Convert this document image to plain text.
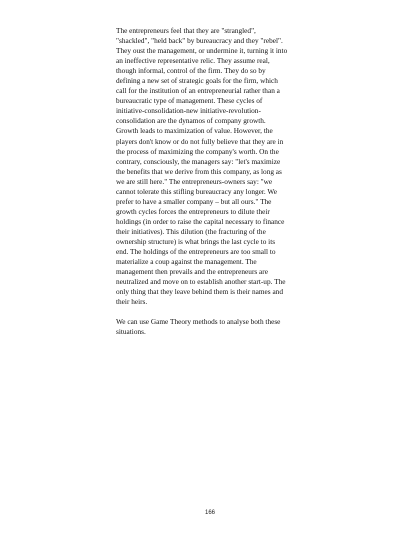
The entrepreneurs feel that they are "strangled",
"shackled", "held back" by bureaucracy and they "rebel".
They oust the management, or undermine it, turning it into
an ineffective representative relic. They assume real,
though informal, control of the firm. They do so by
defining a new set of strategic goals for the firm, which
call for the institution of an entrepreneurial rather than a
bureaucratic type of management. These cycles of
initiative-consolidation-new initiative-revolution-
consolidation are the dynamos of company growth.
Growth leads to maximization of value. However, the
players don't know or do not fully believe that they are in
the process of maximizing the company's worth. On the
contrary, consciously, the managers say: "let's maximize
the benefits that we derive from this company, as long as
we are still here." The entrepreneurs-owners say: "we
cannot tolerate this stifling bureaucracy any longer. We
prefer to have a smaller company – but all ours." The
growth cycles forces the entrepreneurs to dilute their
holdings (in order to raise the capital necessary to finance
their initiatives). This dilution (the fracturing of the
ownership structure) is what brings the last cycle to its
end. The holdings of the entrepreneurs are too small to
materialize a coup against the management. The
management then prevails and the entrepreneurs are
neutralized and move on to establish another start-up. The
only thing that they leave behind them is their names and
their heirs.
We can use Game Theory methods to analyse both these
situations.
166
